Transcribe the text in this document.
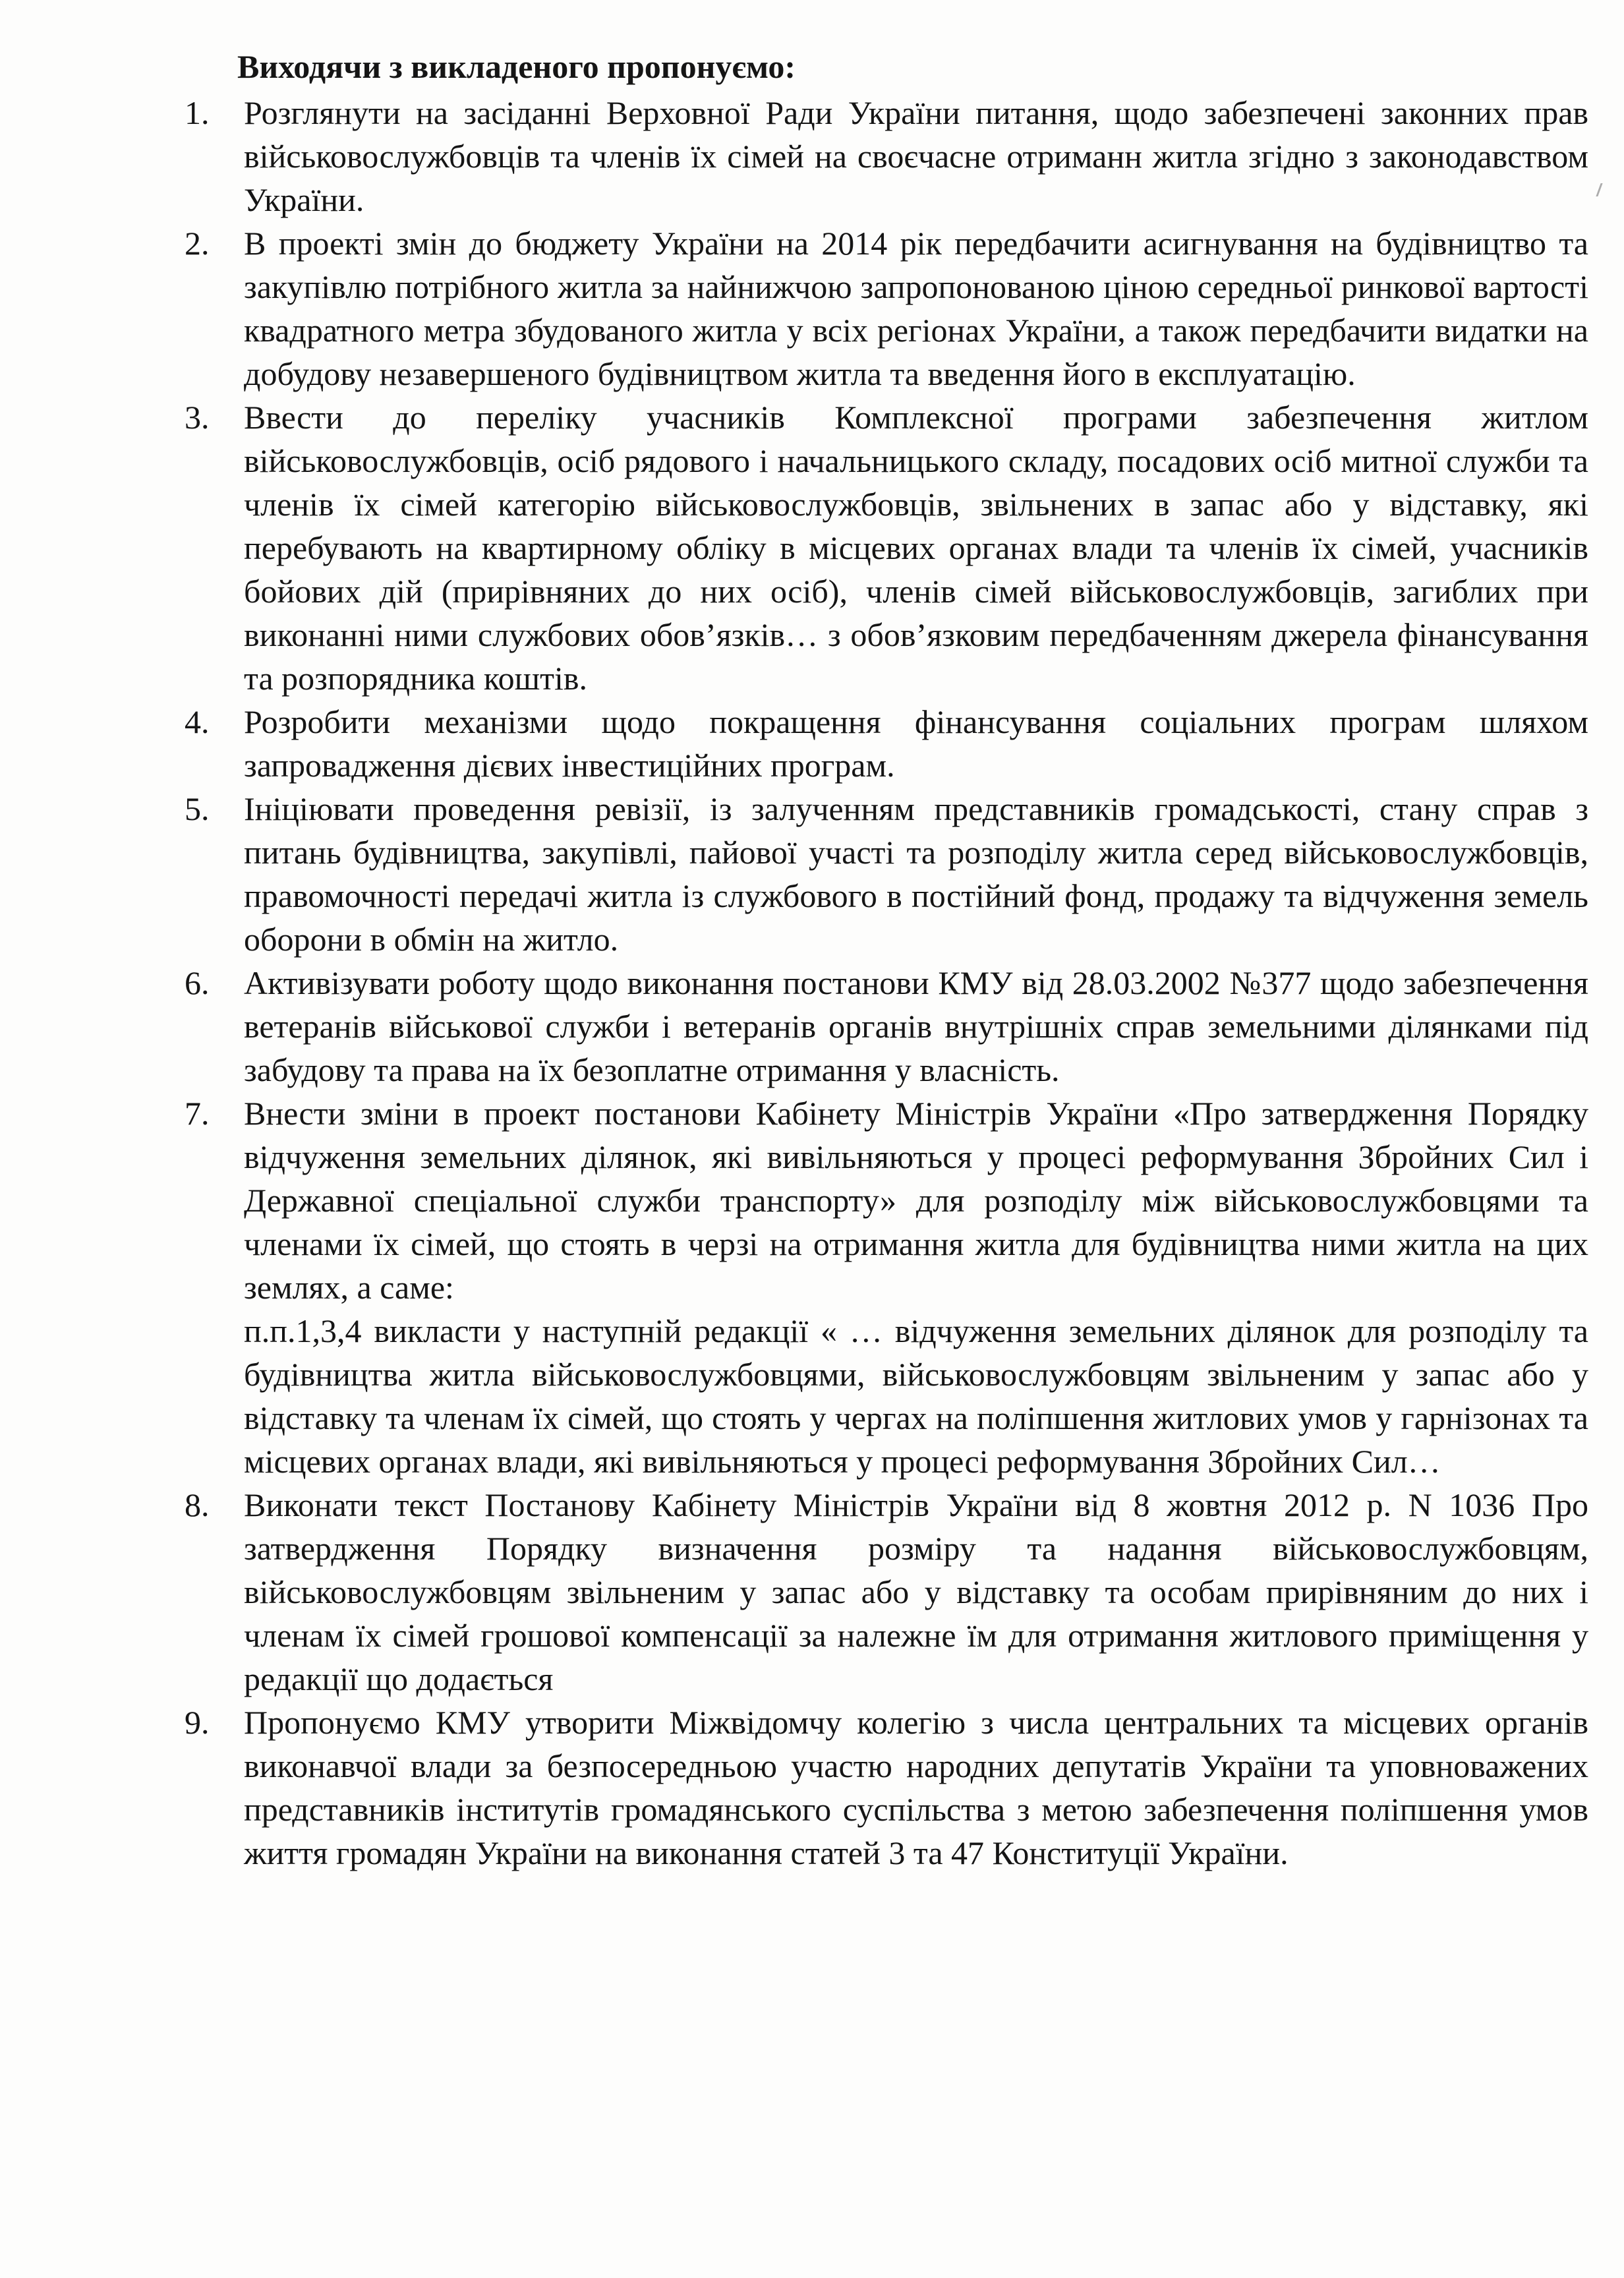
Виходячи з викладеного пропонуємо:
1.	Розглянути на засіданні Верховної Ради України питання, щодо забезпечені законних прав військовослужбовців та членів їх сімей на своєчасне отриманн житла згідно з законодавством України.
2.	В проекті змін до бюджету України на 2014 рік передбачити асигнування на будівництво та закупівлю потрібного житла за найнижчою запропонованою ціною середньої ринкової вартості квадратного метра збудованого житла у всіх регіонах України, а також передбачити видатки на добудову незавершеного будівництвом житла та введення його в експлуатацію.
3.	Ввести до переліку учасників Комплексної програми забезпечення житлом військовослужбовців, осіб рядового і начальницького складу, посадових осіб митної служби та членів їх сімей категорію військовослужбовців, звільнених в запас або у відставку, які перебувають на квартирному обліку в місцевих органах влади та членів їх сімей, учасників бойових дій (прирівняних до них осіб), членів сімей військовослужбовців, загиблих при виконанні ними службових обов’язків… з обов’язковим передбаченням джерела фінансування та розпорядника коштів.
4.	Розробити механізми щодо покращення фінансування соціальних програм шляхом запровадження дієвих інвестиційних програм.
5.	Ініціювати проведення ревізії, із залученням представників громадськості, стану справ з питань будівництва, закупівлі, пайової участі та розподілу житла серед військовослужбовців, правомочності передачі житла із службового в постійний фонд, продажу та відчуження земель оборони в обмін на житло.
6.	Активізувати роботу щодо виконання постанови КМУ від 28.03.2002 №377 щодо забезпечення ветеранів військової служби і ветеранів органів внутрішніх справ земельними ділянками під забудову та права на їх безоплатне отримання у власність.
7.	Внести зміни в проект постанови Кабінету Міністрів України «Про затвердження Порядку відчуження земельних ділянок, які вивільняються у процесі реформування Збройних Сил і Державної спеціальної служби транспорту» для розподілу між військовослужбовцями та членами їх сімей, що стоять в черзі на отримання житла для будівництва ними житла на цих землях, а саме:
п.п.1,3,4 викласти у наступній редакції « … відчуження земельних ділянок для розподілу та будівництва житла військовослужбовцями, військовослужбовцям звільненим у запас або у відставку та членам їх сімей, що стоять у чергах на поліпшення житлових умов у гарнізонах та місцевих органах влади, які вивільняються у процесі реформування Збройних Сил…
8.	Виконати текст Постанову Кабінету Міністрів України від 8 жовтня 2012 р. N 1036 Про затвердження Порядку визначення розміру та надання військовослужбовцям, військовослужбовцям звільненим у запас або у відставку та особам прирівняним до них і членам їх сімей грошової компенсації за належне їм для отримання житлового приміщення у редакції що додається
9.	Пропонуємо КМУ утворити Міжвідомчу колегію з числа центральних та місцевих органів виконавчої влади за безпосередньою участю народних депутатів України та уповноважених представників інститутів громадянського суспільства з метою забезпечення поліпшення умов життя громадян України на виконання статей 3 та 47 Конституції України.
